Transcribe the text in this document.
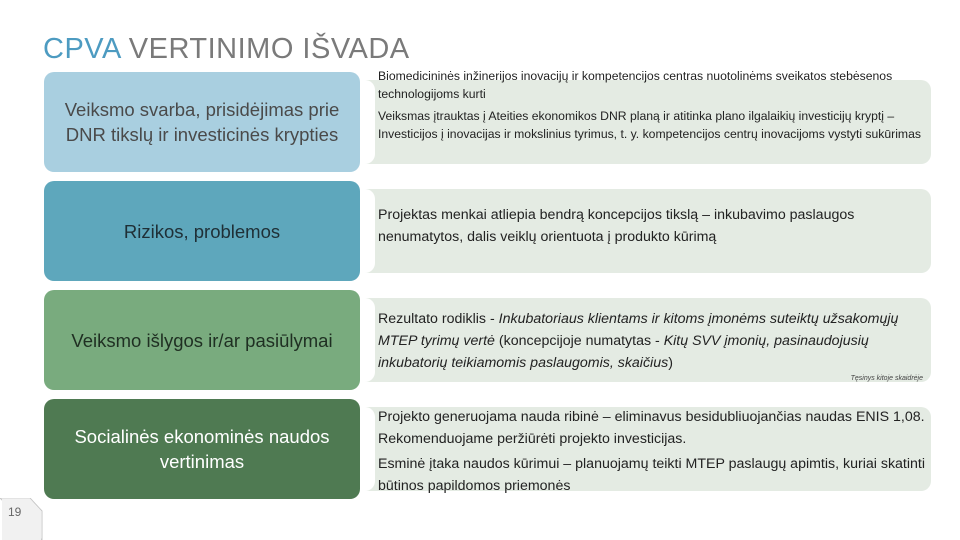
CPVA VERTINIMO IŠVADA
Veiksmo svarba, prisidėjimas prie DNR tikslų ir investicinės krypties

Biomedicininės inžinerijos inovacijų ir kompetencijos centras nuotolinėms sveikatos stebėsenos technologijoms kurti

Veiksmas įtrauktas į Ateities ekonomikos DNR planą ir atitinka plano ilgalaikių investicijų kryptį – Investicijos į inovacijas ir mokslinius tyrimus, t. y. kompetencijos centrų inovacijoms vystyti sukūrimas

Rizikos, problemos

Projektas menkai atliepia bendrą koncepcijos tikslą – inkubavimo paslaugos nenumatytos, dalis veiklų orientuota į produkto kūrimą

Veiksmo išlygos ir/ar pasiūlymai

Rezultato rodiklis - Inkubatoriaus klientams ir kitoms įmonėms suteiktų užsakomųjų MTEP tyrimų vertė (koncepcijoje numatytas - Kitų SVV įmonių, pasinaudojusių inkubatorių teikiamomis paslaugomis, skaičius)

Tęsinys kitoje skaidrėje
Socialinės ekonominės naudos vertinimas

Projekto generuojama nauda ribinė – eliminavus besidubliuojančias naudas ENIS 1,08. Rekomenduojame peržiūrėti projekto investicijas.

Esminė įtaka naudos kūrimui – planuojamų teikti MTEP paslaugų apimtis, kuriai skatinti būtinos papildomos priemonės

19
